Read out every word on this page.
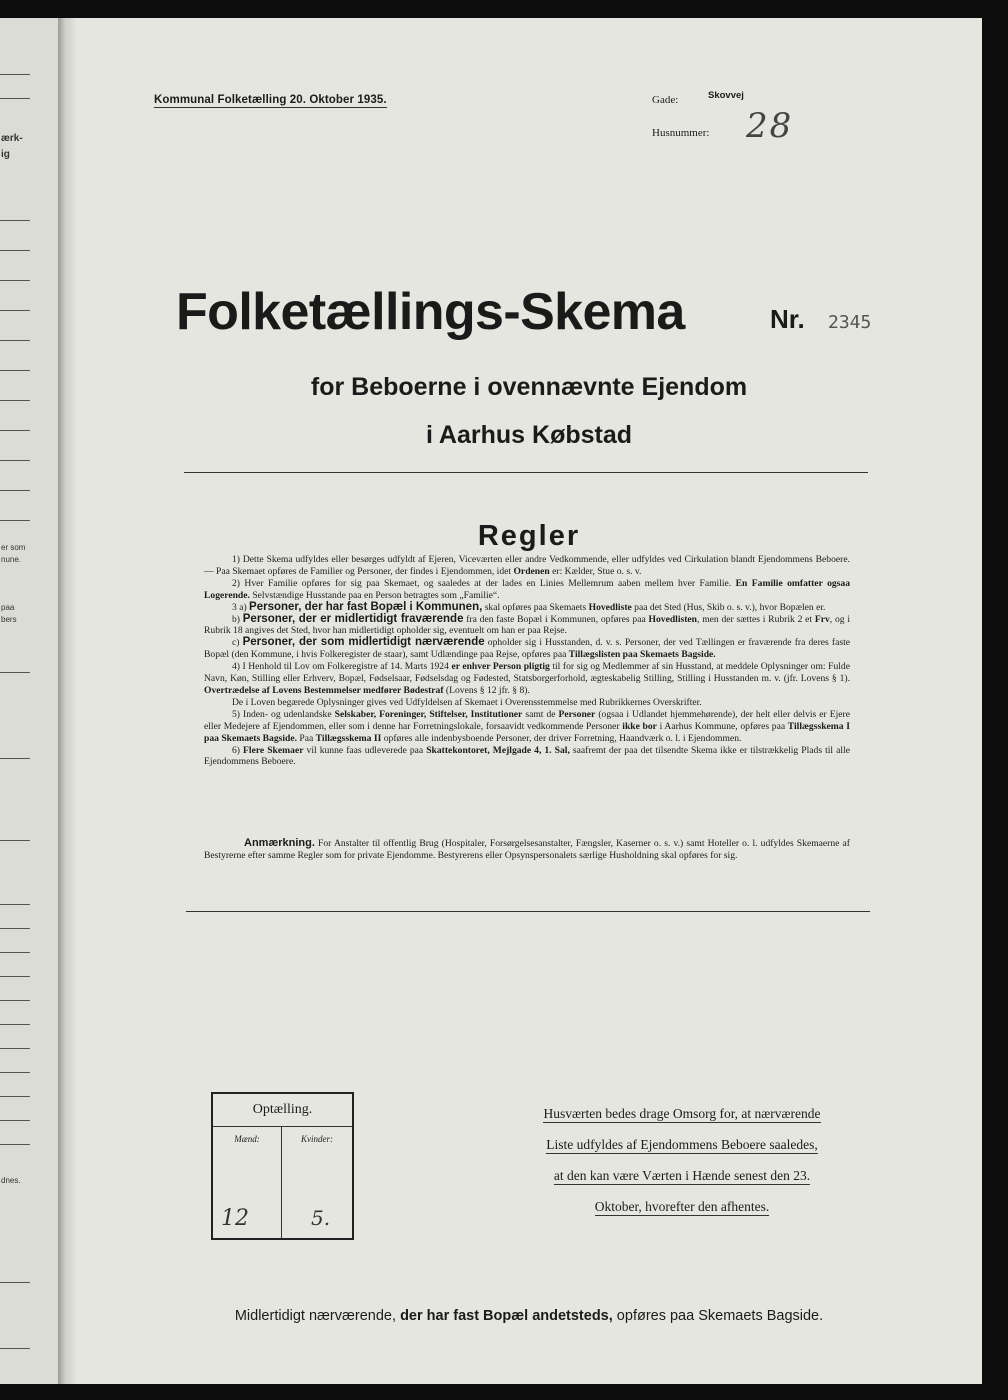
ærk-
ig
er som
nune.
paa
bers
dnes.
Kommunal Folketælling 20. Oktober 1935.	Gade:	Skovvej
Husnummer: 28
Folketællings-Skema	Nr. 2345
for Beboerne i ovennævnte Ejendom
i Aarhus Købstad
Regler

1) Dette Skema udfyldes eller besørges udfyldt af Ejeren, Viceværten eller andre Vedkommende, eller udfyldes ved Cirkulation blandt Ejendommens Beboere. — Paa Skemaet opføres de Familier og Personer, der findes i Ejendommen, idet Ordenen er: Kælder, Stue o. s. v.

2) Hver Familie opføres for sig paa Skemaet, og saaledes at der lades en Linies Mellemrum aaben mellem hver Familie. En Familie omfatter ogsaa Logerende. Selvstændige Husstande paa en Person betragtes som „Familie“.

3 a) Personer, der har fast Bopæl i Kommunen, skal opføres paa Skemaets Hovedliste paa det Sted (Hus, Skib o. s. v.), hvor Bopælen er.

b) Personer, der er midlertidigt fraværende fra den faste Bopæl i Kommunen, opføres paa Hovedlisten, men der sættes i Rubrik 2 et Frv, og i Rubrik 18 angives det Sted, hvor han midlertidigt opholder sig, eventuelt om han er paa Rejse.

c) Personer, der som midlertidigt nærværende opholder sig i Husstanden, d. v. s. Personer, der ved Tællingen er fraværende fra deres faste Bopæl (den Kommune, i hvis Folkeregister de staar), samt Udlændinge paa Rejse, opføres paa Tillægslisten paa Skemaets Bagside.

4) I Henhold til Lov om Folkeregistre af 14. Marts 1924 er enhver Person pligtig til for sig og Medlemmer af sin Husstand, at meddele Oplysninger om: Fulde Navn, Køn, Stilling eller Erhverv, Bopæl, Fødselsaar, Fødselsdag og Fødested, Statsborgerforhold, ægteskabelig Stilling, Stilling i Husstanden m. v. (jfr. Lovens § 1). Overtrædelse af Lovens Bestemmelser medfører Bødestraf (Lovens § 12 jfr. § 8).

De i Loven begærede Oplysninger gives ved Udfyldelsen af Skemaet i Overensstemmelse med Rubrikkernes Overskrifter.

5) Inden- og udenlandske Selskaber, Foreninger, Stiftelser, Institutioner samt de Personer (ogsaa i Udlandet hjemmehørende), der helt eller delvis er Ejere eller Medejere af Ejendommen, eller som i denne har Forretningslokale, forsaavidt vedkommende Personer ikke bor i Aarhus Kommune, opføres paa Tillægsskema I paa Skemaets Bagside. Paa Tillægsskema II opføres alle indenbysboende Personer, der driver Forretning, Haandværk o. l. i Ejendommen.

6) Flere Skemaer vil kunne faas udleverede paa Skattekontoret, Mejlgade 4, 1. Sal, saafremt der paa det tilsendte Skema ikke er tilstrækkelig Plads til alle Ejendommens Beboere.

Anmærkning. For Anstalter til offentlig Brug (Hospitaler, Forsørgelsesanstalter, Fængsler, Kaserner o. s. v.) samt Hoteller o. l. udfyldes Skemaerne af Bestyrerne efter samme Regler som for private Ejendomme. Bestyrerens eller Opsynspersonalets særlige Husholdning skal opføres for sig.
Optælling.
Mænd:	Kvinder:
12	5.
Husværten bedes drage Omsorg for, at nærværende
Liste udfyldes af Ejendommens Beboere saaledes,
at den kan være Værten i Hænde senest den 23.
Oktober, hvorefter den afhentes.
Midlertidigt nærværende, der har fast Bopæl andetsteds, opføres paa Skemaets Bagside.
